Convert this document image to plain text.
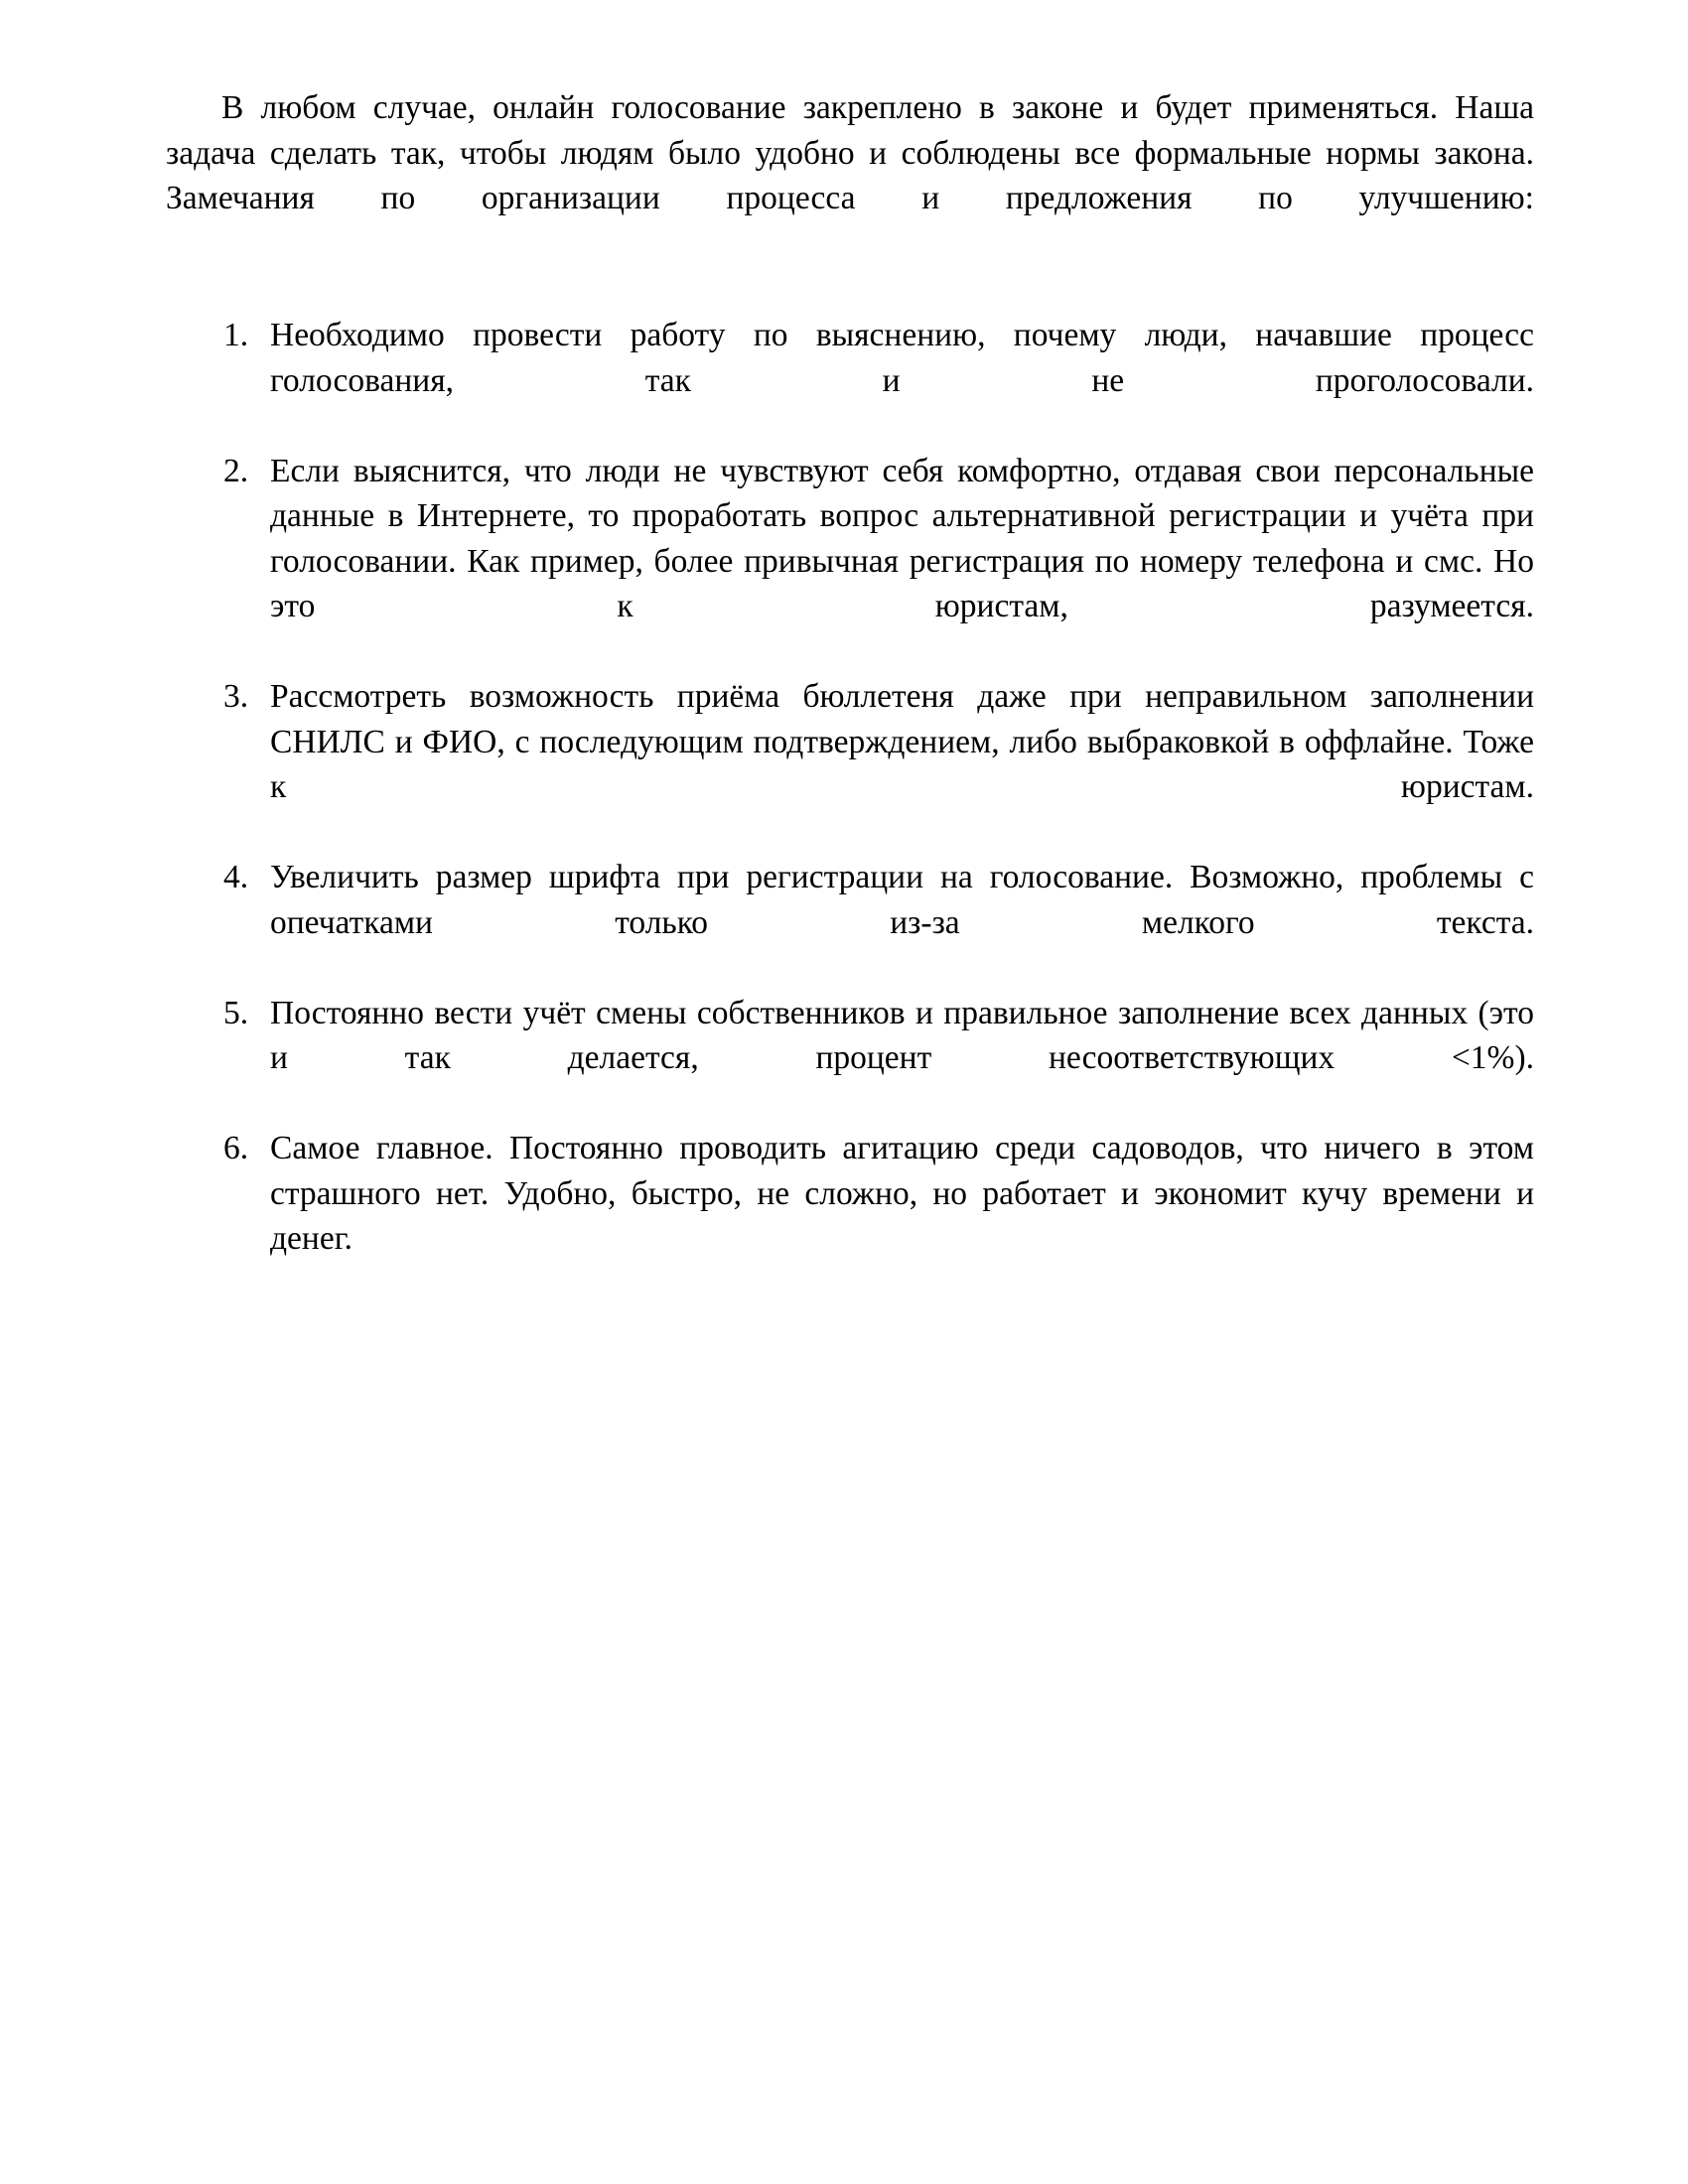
В любом случае, онлайн голосование закреплено в законе и будет применяться. Наша задача сделать так, чтобы людям было удобно и соблюдены все формальные нормы закона. Замечания по организации процесса и предложения по улучшению:

1. Необходимо провести работу по выяснению, почему люди, начавшие процесс голосования, так и не проголосовали.
2. Если выяснится, что люди не чувствуют себя комфортно, отдавая свои персональные данные в Интернете, то проработать вопрос альтернативной регистрации и учёта при голосовании. Как пример, более привычная регистрация по номеру телефона и смс. Но это к юристам, разумеется.
3. Рассмотреть возможность приёма бюллетеня даже при неправильном заполнении СНИЛС и ФИО, с последующим подтверждением, либо выбраковкой в оффлайне. Тоже к юристам.
4. Увеличить размер шрифта при регистрации на голосование. Возможно, проблемы с опечатками только из-за мелкого текста.
5. Постоянно вести учёт смены собственников и правильное заполнение всех данных (это и так делается, процент несоответствующих <1%).
6. Самое главное. Постоянно проводить агитацию среди садоводов, что ничего в этом страшного нет. Удобно, быстро, не сложно, но работает и экономит кучу времени и денег.
